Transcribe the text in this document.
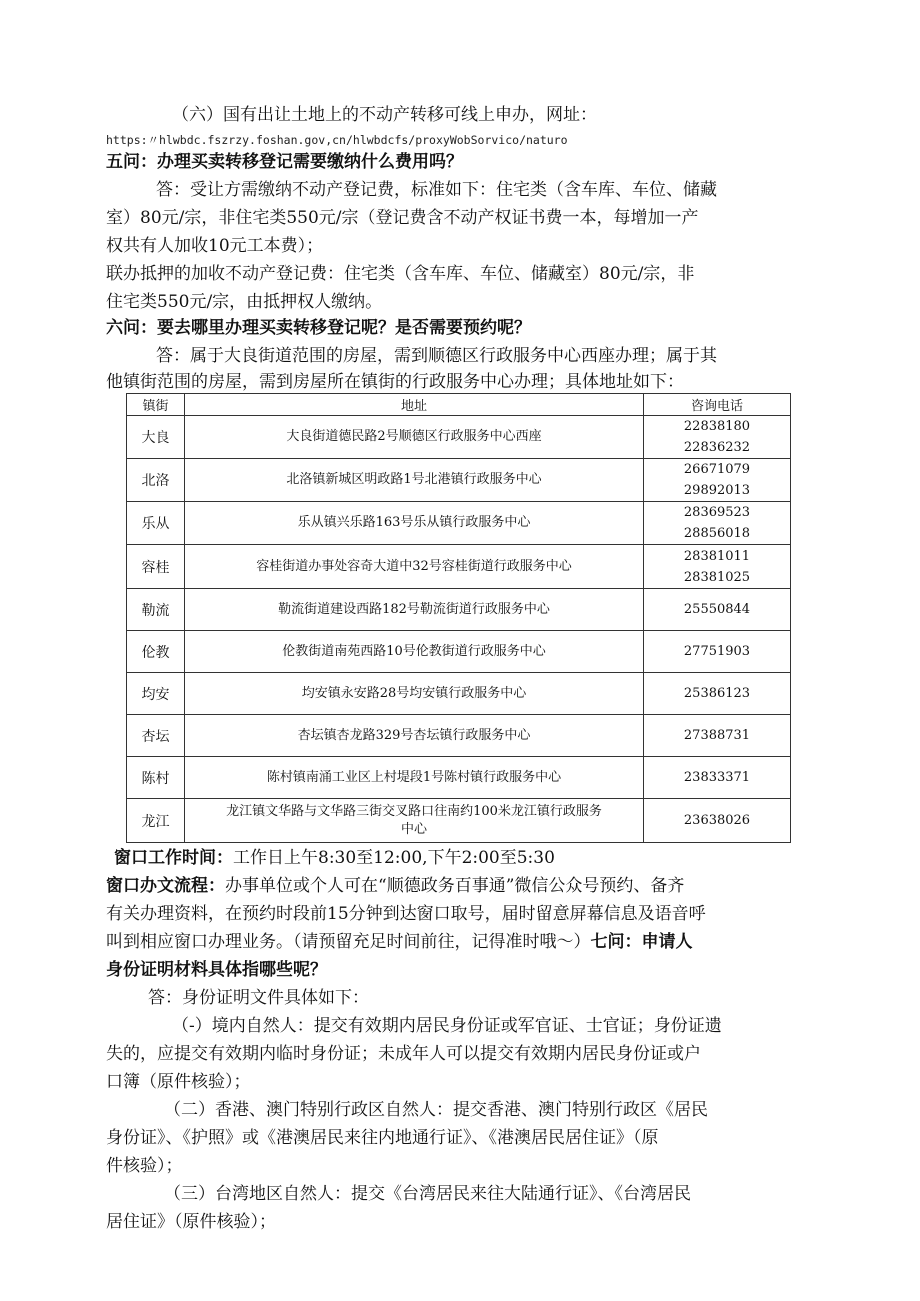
（六）国有出让土地上的不动产转移可线上申办，网址：
https:〃hlwbdc.fszrzy.foshan.gov,cn/hlwbdcfs/proxyWobSorvico/naturo
五问：办理买卖转移登记需要缴纳什么费用吗？
答：受让方需缴纳不动产登记费，标准如下：住宅类（含车库、车位、储藏
室）80元/宗，非住宅类550元/宗（登记费含不动产权证书费一本，每增加一产
权共有人加收10元工本费）；
联办抵押的加收不动产登记费：住宅类（含车库、车位、储藏室）80元/宗，非
住宅类550元/宗，由抵押权人缴纳。
六问：要去哪里办理买卖转移登记呢？是否需要预约呢？
答：属于大良街道范围的房屋，需到顺德区行政服务中心西座办理；属于其
他镇街范围的房屋，需到房屋所在镇街的行政服务中心办理；具体地址如下：
镇街	地址	咨询电话
大良	大良街道德民路2号顺德区行政服务中心西座	22838180
22836232

北洛	北洛镇新城区明政路1号北港镇行政服务中心	26671079
29892013

乐从	乐从镇兴乐路163号乐从镇行政服务中心	28369523
28856018

容桂	容桂街道办事处容奇大道中32号容桂街道行政服务中心	28381011
28381025

勒流	勒流街道建设西路182号勒流街道行政服务中心	25550844
伦教	伦教街道南苑西路10号伦教街道行政服务中心	27751903
均安	均安镇永安路28号均安镇行政服务中心	25386123
杏坛	杏坛镇杏龙路329号杏坛镇行政服务中心	27388731
陈村	陈村镇南涌工业区上村堤段1号陈村镇行政服务中心	23833371
龙江	龙江镇文华路与文华路三街交叉路口往南约100米龙江镇行政服务
中心	23638026
窗口工作时间：工作日上午8:30至12:00,下午2:00至5:30
窗口办文流程：办事单位或个人可在“顺德政务百事通”微信公众号预约、备齐
有关办理资料，在预约时段前15分钟到达窗口取号，届时留意屏幕信息及语音呼
叫到相应窗口办理业务。（请预留充足时间前往，记得准时哦～）七问：申请人
身份证明材料具体指哪些呢？
答：身份证明文件具体如下：
（-）境内自然人：提交有效期内居民身份证或军官证、士官证；身份证遗
失的，应提交有效期内临时身份证；未成年人可以提交有效期内居民身份证或户
口簿（原件核验）；
（二）香港、澳门特别行政区自然人：提交香港、澳门特别行政区《居民
身份证》、《护照》或《港澳居民来往内地通行证》、《港澳居民居住证》（原
件核验）；
（三）台湾地区自然人：提交《台湾居民来往大陆通行证》、《台湾居民
居住证》（原件核验）；
